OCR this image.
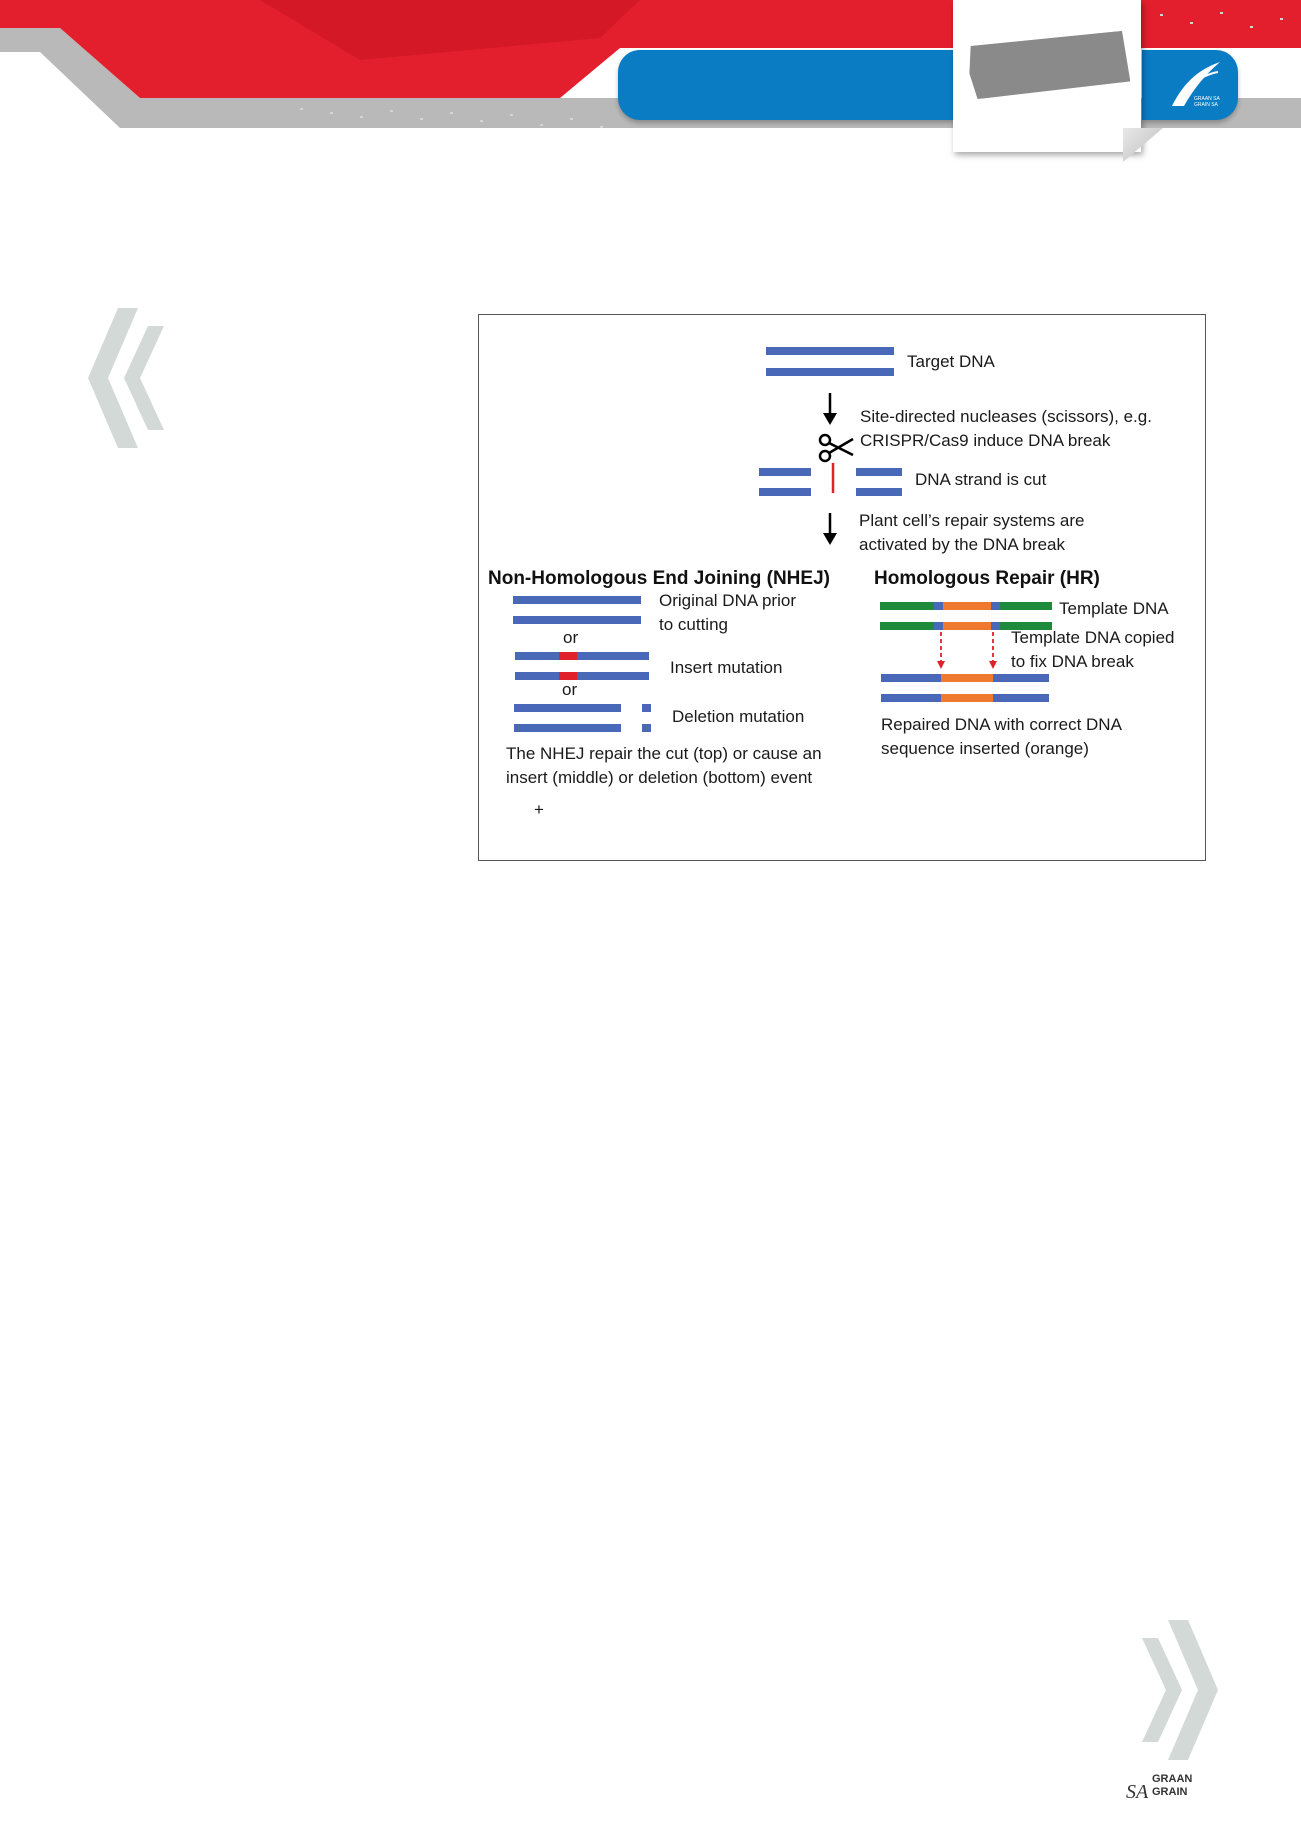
GRAAN SA
GRAIN SA
Target DNA
Site-directed nucleases (scissors), e.g.
CRISPR/Cas9 induce DNA break
DNA strand is cut
Plant cell’s repair systems are
activated by the DNA break
Non-Homologous End Joining (NHEJ)
Original DNA prior
to cutting
or
Insert mutation
or
Deletion mutation
The NHEJ repair the cut (top) or cause an
insert (middle) or deletion (bottom) event
+
Homologous Repair (HR)
Template DNA
Template DNA copied
to fix DNA break
Repaired DNA with correct DNA
sequence inserted (orange)
SA
GRAAN
GRAIN
